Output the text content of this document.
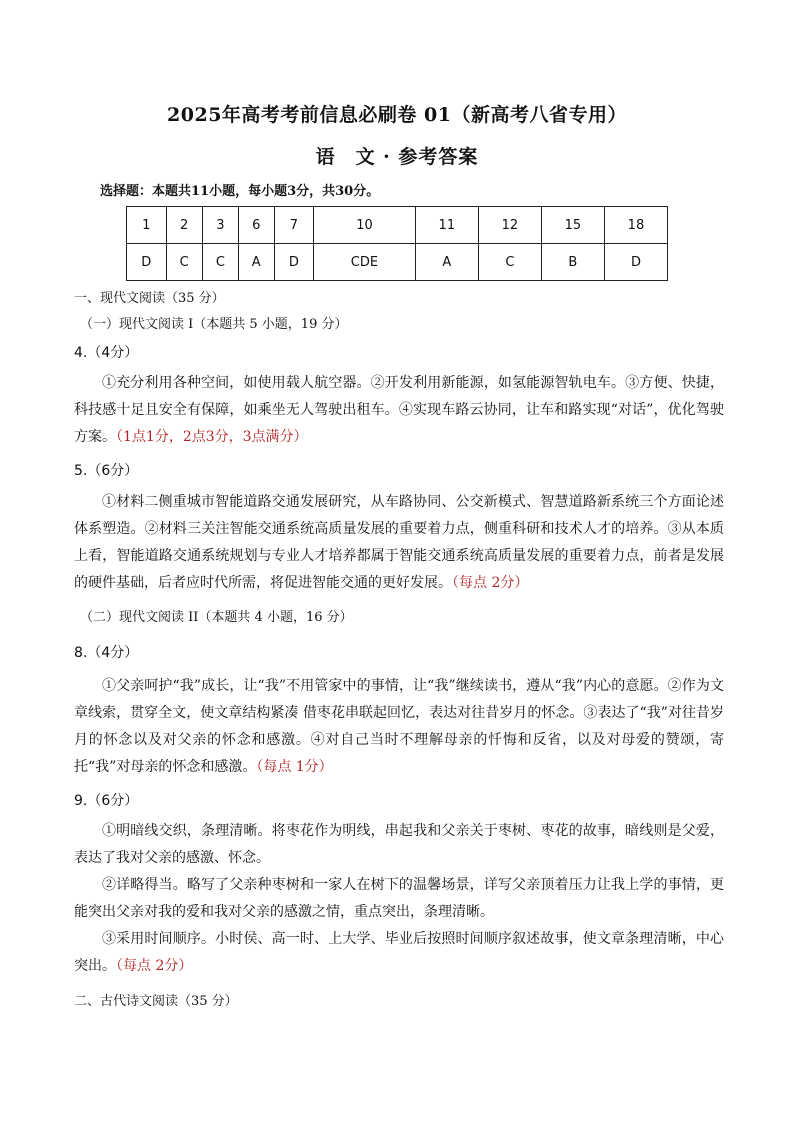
2025年高考考前信息必刷卷 01（新高考八省专用）
语　文 · 参考答案
选择题：本题共11小题，每小题3分，共30分。
1	2	3	6	7	10	11	12	15	18
D	C	C	A	D	CDE	A	C	B	D
一、现代文阅读（35 分）
（一）现代文阅读 I（本题共 5 小题，19 分）
4.（4分）
①充分利用各种空间，如使用载人航空器。②开发利用新能源，如氢能源智轨电车。③方便、快捷，科技感十足且安全有保障，如乘坐无人驾驶出租车。④实现车路云协同，让车和路实现“对话”，优化驾驶方案。（1点1分，2点3分，3点满分）
5.（6分）
①材料二侧重城市智能道路交通发展研究，从车路协同、公交新模式、智慧道路新系统三个方面论述体系塑造。②材料三关注智能交通系统高质量发展的重要着力点，侧重科研和技术人才的培养。③从本质上看，智能道路交通系统规划与专业人才培养都属于智能交通系统高质量发展的重要着力点，前者是发展的硬件基础，后者应时代所需，将促进智能交通的更好发展。（每点 2分）
（二）现代文阅读 II（本题共 4 小题，16 分）
8.（4分）
①父亲呵护“我”成长，让“我”不用管家中的事情，让“我”继续读书，遵从“我”内心的意愿。②作为文章线索，贯穿全文，使文章结构紧凑 借枣花串联起回忆，表达对往昔岁月的怀念。③表达了“我”对往昔岁月的怀念以及对父亲的怀念和感激。④对自己当时不理解母亲的忏悔和反省，以及对母爱的赞颂，寄托“我”对母亲的怀念和感激。（每点 1分）
9.（6分）
①明暗线交织，条理清晰。将枣花作为明线，串起我和父亲关于枣树、枣花的故事，暗线则是父爱，表达了我对父亲的感激、怀念。
②详略得当。略写了父亲种枣树和一家人在树下的温馨场景，详写父亲顶着压力让我上学的事情，更能突出父亲对我的爱和我对父亲的感激之情，重点突出，条理清晰。
③采用时间顺序。小时侯、高一时、上大学、毕业后按照时间顺序叙述故事，使文章条理清晰，中心突出。（每点 2分）
二、古代诗文阅读（35 分）
